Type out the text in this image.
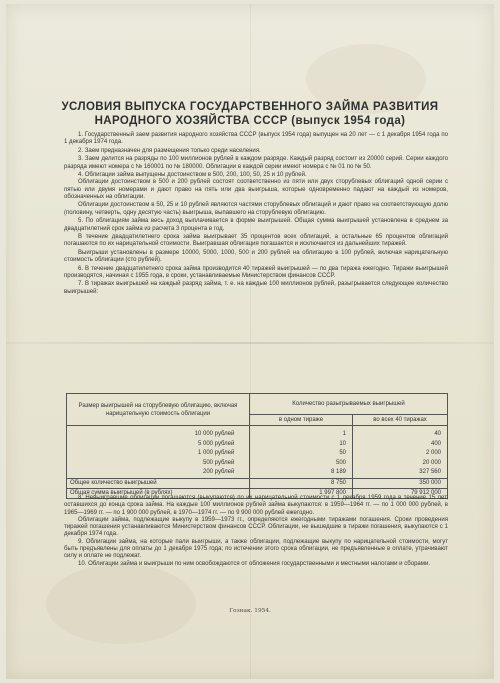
УСЛОВИЯ ВЫПУСКА ГОСУДАРСТВЕННОГО ЗАЙМА РАЗВИТИЯ
НАРОДНОГО ХОЗЯЙСТВА СССР (выпуск 1954 года)

1. Государственный заем развития народного хозяйства СССР (выпуск 1954 года) выпущен на 20 лет — с 1 декабря 1954 года по 1 декабря 1974 года.

2. Заем предназначен для размещения только среди населения.

3. Заем делится на разряды по 100 миллионов рублей в каждом разряде. Каждый разряд состоит из 20000 серий. Серии каждого разряда имеют номера с № 160001 по № 180000. Облигации в каждой серии имеют номера с № 01 по № 50.

4. Облигации займа выпущены достоинством в 500, 200, 100, 50, 25 и 10 рублей.

Облигации достоинством в 500 и 200 рублей состоят соответственно из пяти или двух сторублевых облигаций одной серии с пятью или двумя номерами и дают право на пять или два выигрыша, которые одновременно падают на каждый из номеров, обозначенных на облигации.

Облигации достоинством в 50, 25 и 10 рублей являются частями сторублевых облигаций и дают право на соответствующую долю (половину, четверть, одну десятую часть) выигрыша, выпавшего на сторублевую облигацию.

5. По облигациям займа весь доход выплачивается в форме выигрышей. Общая сумма выигрышей установлена в среднем за двадцатилетний срок займа из расчета 3 процента в год.

В течение двадцатилетнего срока займа выигрывает 35 процентов всех облигаций, а остальные 65 процентов облигаций погашаются по их нарицательной стоимости. Выигравшая облигация погашается и исключается из дальнейших тиражей.

Выигрыши установлены в размере 10000, 5000, 1000, 500 и 200 рублей на облигацию в 100 рублей, включая нарицательную стоимость облигации (сто рублей).

6. В течение двадцатилетнего срока займа производится 40 тиражей выигрышей — по два тиража ежегодно. Тиражи выигрышей производятся, начиная с 1955 года, в сроки, устанавливаемые Министерством финансов СССР.

7. В тиражах выигрышей на каждый разряд займа, т. е. на каждые 100 миллионов рублей, разыгрывается следующее количество выигрышей:

Размер выигрышей на сторублевую облигацию, включая нарицательную стоимость облигации	Количество разыгрываемых выигрышей	
	в одном тираже	во всех 40 тиражах
10 000 рублей	1	40
5 000 рублей	10	400
1 000 рублей	50	2 000
500 рублей	500	20 000
200 рублей	8 189	327 560
Общее количество выигрышей	8 750	350 000
Общая сумма выигрышей (в рублях)	1 997 800	79 912 000

8. Невыигравшие облигации погашаются (выкупаются) по их нарицательной стоимости с 1 декабря 1959 года в течение 15 лет, оставшихся до конца срока займа. На каждые 100 миллионов рублей займа выкупаются: в 1959—1964 гг. — по 1 000 000 рублей, в 1965—1969 гг. — по 1 900 000 рублей, в 1970—1974 гг. — по 9 900 000 рублей ежегодно.

Облигации займа, подлежащие выкупу в 1959—1973 гг., определяются ежегодными тиражами погашения. Сроки проведения тиражей погашения устанавливаются Министерством финансов СССР. Облигации, не вышедшие в тиражи погашения, выкупаются с 1 декабря 1974 года.

9. Облигации займа, на которые пали выигрыши, а также облигации, подлежащие выкупу по нарицательной стоимости, могут быть предъявлены для оплаты до 1 декабря 1975 года; по истечении этого срока облигации, не предъявленные в оплате, утрачивают силу и оплате не подлежат.

10. Облигации займа и выигрыши по ним освобождаются от обложения государственными и местными налогами и сборами.

Гознак. 1954.
